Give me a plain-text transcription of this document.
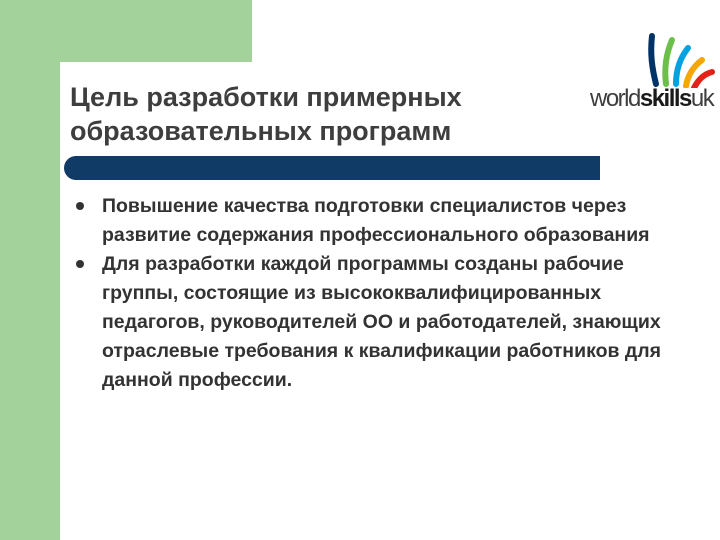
Цель разработки примерных
образовательных программ
worldskillsuk
Повышение качества подготовки специалистов через развитие содержания профессионального образования
Для разработки каждой программы созданы рабочие группы, состоящие из высококвалифицированных педагогов, руководителей ОО и работодателей, знающих отраслевые требования к квалификации работников для данной профессии.
